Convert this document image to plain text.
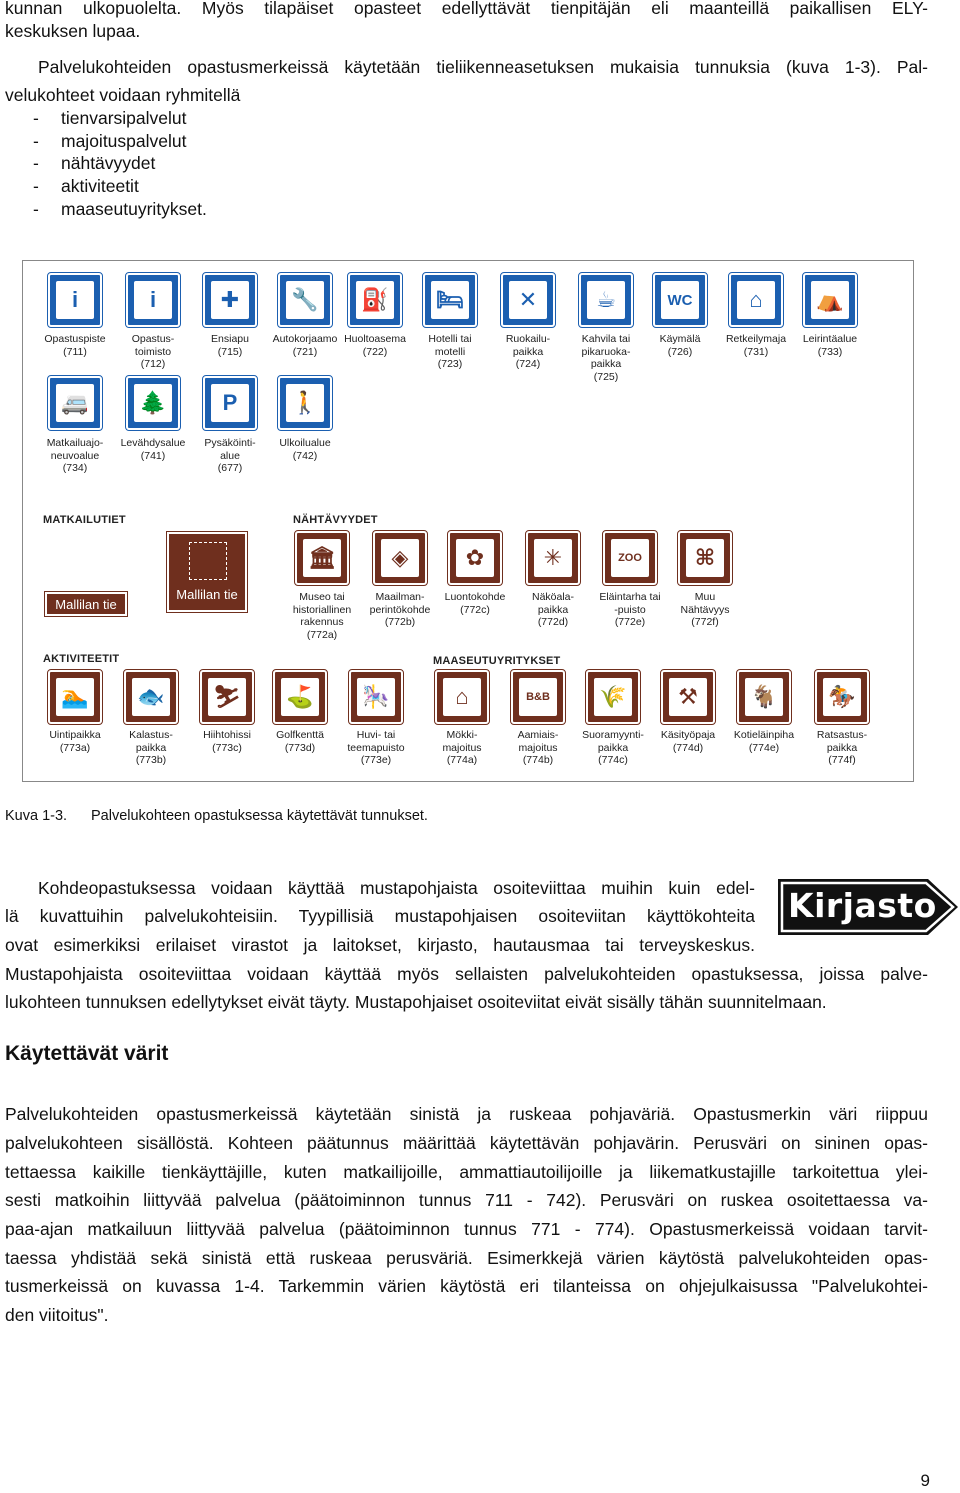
kunnan ulkopuolelta. Myös tilapäiset opasteet edellyttävät tienpitäjän eli maanteillä paikallisen ELY-
keskuksen lupaa.
Palvelukohteiden opastusmerkeissä käytetään tieliikenneasetuksen mukaisia tunnuksia (kuva 1-3). Pal-
velukohteet voidaan ryhmitellä
- tienvarsipalvelut
- majoituspalvelut
- nähtävyydet
- aktiviteetit
- maaseutuyritykset.
i
Opastuspiste
(711)
i
Opastus-
toimisto
(712)
✚
Ensiapu
(715)
🔧
Autokorjaamo
(721)
⛽
Huoltoasema
(722)
🛏
Hotelli tai
motelli
(723)
✕
Ruokailu-
paikka
(724)
☕
Kahvila tai
pikaruoka-
paikka
(725)
WC
Käymälä
(726)
⌂
Retkeilymaja
(731)
⛺
Leirintäalue
(733)
🚐
Matkailuajo-
neuvoalue
(734)
🌲
Levähdysalue
(741)
P
Pysäköinti-
alue
(677)
🚶
Ulkoilualue
(742)
MATKAILUTIET
Mallilan tie
Mallilan tie
NÄHTÄVYYDET
🏛
Museo tai
historiallinen
rakennus
(772a)
◈
Maailman-
perintökohde
(772b)
✿
Luontokohde
(772c)
✳
Näköala-
paikka
(772d)
ZOO
Eläintarha tai
-puisto
(772e)
⌘
Muu
Nähtävyys
(772f)
AKTIVITEETIT
🏊
Uintipaikka
(773a)
🐟
Kalastus-
paikka
(773b)
⛷
Hiihtohissi
(773c)
⛳
Golfkenttä
(773d)
🎠
Huvi- tai
teemapuisto
(773e)
MAASEUTUYRITYKSET
⌂
Mökki-
majoitus
(774a)
B&B
Aamiais-
majoitus
(774b)
🌾
Suoramyynti-
paikka
(774c)
⚒
Käsityöpaja
(774d)
🐐
Kotieläinpiha
(774e)
🏇
Ratsastus-
paikka
(774f)
Kuva 1-3. Palvelukohteen opastuksessa käytettävät tunnukset.
Kirjasto
Kohdeopastuksessa voidaan käyttää mustapohjaista osoiteviittaa muihin kuin edel-
lä kuvattuihin palvelukohteisiin. Tyypillisiä mustapohjaisen osoiteviitan käyttökohteita
ovat esimerkiksi erilaiset virastot ja laitokset, kirjasto, hautausmaa tai terveyskeskus.
Mustapohjaista osoiteviittaa voidaan käyttää myös sellaisten palvelukohteiden opastuksessa, joissa palve-
lukohteen tunnuksen edellytykset eivät täyty. Mustapohjaiset osoiteviitat eivät sisälly tähän suunnitelmaan.
Käytettävät värit
Palvelukohteiden opastusmerkeissä käytetään sinistä ja ruskeaa pohjaväriä. Opastusmerkin väri riippuu
palvelukohteen sisällöstä. Kohteen päätunnus määrittää käytettävän pohjavärin. Perusväri on sininen opas-
tettaessa kaikille tienkäyttäjille, kuten matkailijoille, ammattiautoilijoille ja liikematkustajille tarkoitettua ylei-
sesti matkoihin liittyvää palvelua (päätoiminnon tunnus 711 - 742). Perusväri on ruskea osoitettaessa va-
paa-ajan matkailuun liittyvää palvelua (päätoiminnon tunnus 771 - 774). Opastusmerkeissä voidaan tarvit-
taessa yhdistää sekä sinistä että ruskeaa perusväriä. Esimerkkejä värien käytöstä palvelukohteiden opas-
tusmerkeissä on kuvassa 1-4. Tarkemmin värien käytöstä eri tilanteissa on ohjejulkaisussa "Palvelukohtei-
den viitoitus".
9
